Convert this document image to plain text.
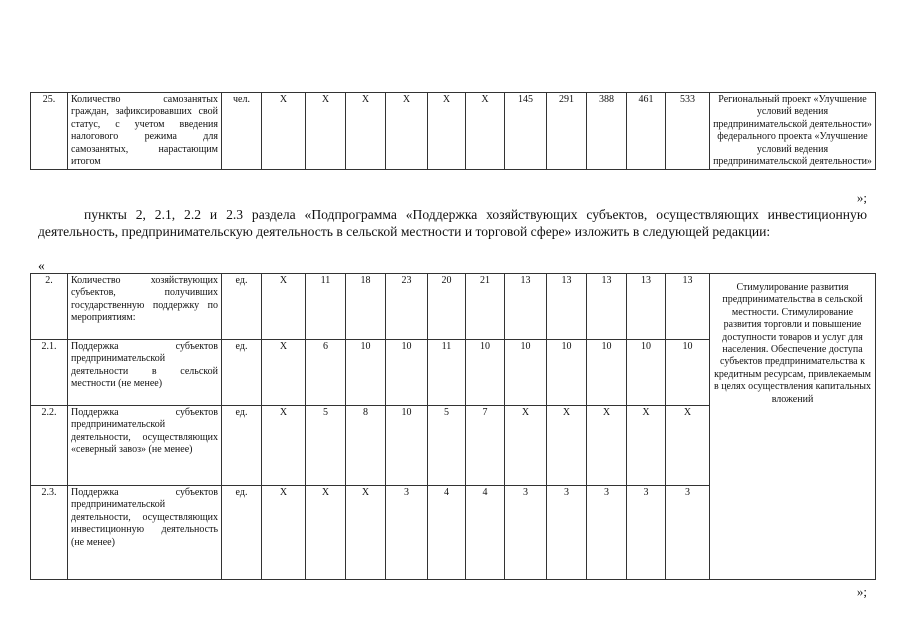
25.	Количество самозанятых граждан, зафиксировавших свой статус, с учетом введения налогового режима для самозанятых, нарастающим итогом	чел.	Х	Х	Х	Х	Х	Х	145	291	388	461	533	Региональный проект «Улучшение условий ведения предпринимательской деятельности» федерального проекта «Улучшение условий ведения предпринимательской деятельности»
»;
пункты 2, 2.1, 2.2 и 2.3 раздела «Подпрограмма «Поддержка хозяйствующих субъектов, осуществляющих инвестиционную деятельность, предпринимательскую деятельность в сельской местности и торговой сфере» изложить в следующей редакции:
«
2.	Количество хозяйствующих субъектов, получивших государственную поддержку по мероприятиям:	ед.	Х	11	18	23	20	21	13	13	13	13	13	Стимулирование развития предпринимательства в сельской местности. Стимулирование развития торговли и повышение доступности товаров и услуг для населения. Обеспечение доступа субъектов предпринимательства к кредитным ресурсам, привлекаемым в целях осуществления капитальных вложений
2.1.	Поддержка субъектов предпринимательской деятельности в сельской местности (не менее)	ед.	Х	6	10	10	11	10	10	10	10	10	10	
2.2.	Поддержка субъектов предпринимательской деятельности, осуществляющих «северный завоз» (не менее)	ед.	Х	5	8	10	5	7	Х	Х	Х	Х	Х	
2.3.	Поддержка субъектов предпринимательской деятельности, осуществляющих инвестиционную деятельность (не менее)	ед.	Х	Х	Х	3	4	4	3	3	3	3	3	
»;
